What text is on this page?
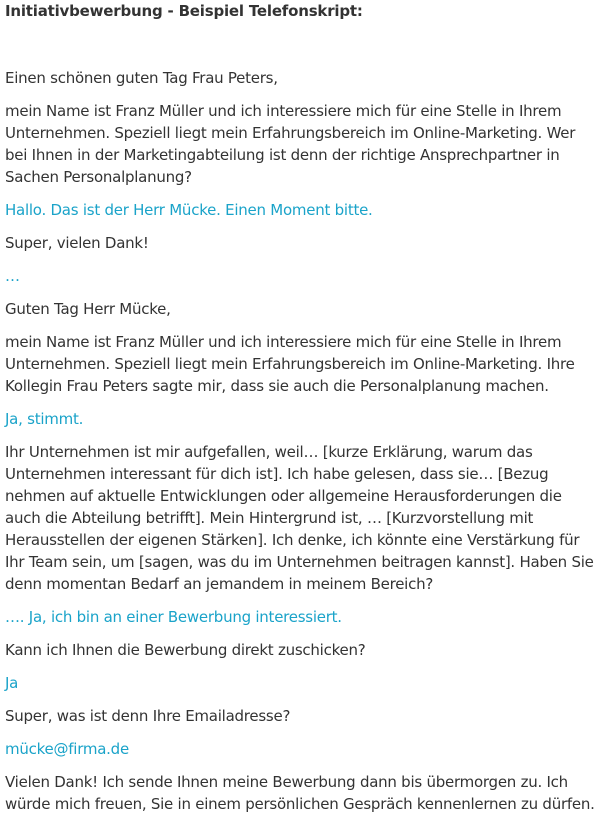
Initiativbewerbung - Beispiel Telefonskript:

Einen schönen guten Tag Frau Peters,

mein Name ist Franz Müller und ich interessiere mich für eine Stelle in Ihrem Unternehmen. Speziell liegt mein Erfahrungsbereich im Online-Marketing. Wer bei Ihnen in der Marketingabteilung ist denn der richtige Ansprechpartner in Sachen Personalplanung?

Hallo. Das ist der Herr Mücke. Einen Moment bitte.

Super, vielen Dank!

…

Guten Tag Herr Mücke,

mein Name ist Franz Müller und ich interessiere mich für eine Stelle in Ihrem Unternehmen. Speziell liegt mein Erfahrungsbereich im Online-Marketing. Ihre Kollegin Frau Peters sagte mir, dass sie auch die Personalplanung machen.

Ja, stimmt.

Ihr Unternehmen ist mir aufgefallen, weil… [kurze Erklärung, warum das Unternehmen interessant für dich ist]. Ich habe gelesen, dass sie… [Bezug nehmen auf aktuelle Entwicklungen oder allgemeine Herausforderungen die auch die Abteilung betrifft]. Mein Hintergrund ist, … [Kurzvorstellung mit Herausstellen der eigenen Stärken]. Ich denke, ich könnte eine Verstärkung für Ihr Team sein, um [sagen, was du im Unternehmen beitragen kannst]. Haben Sie denn momentan Bedarf an jemandem in meinem Bereich?

…. Ja, ich bin an einer Bewerbung interessiert.

Kann ich Ihnen die Bewerbung direkt zuschicken?

Ja

Super, was ist denn Ihre Emailadresse?

mücke@firma.de

Vielen Dank! Ich sende Ihnen meine Bewerbung dann bis übermorgen zu. Ich würde mich freuen, Sie in einem persönlichen Gespräch kennenlernen zu dürfen.
